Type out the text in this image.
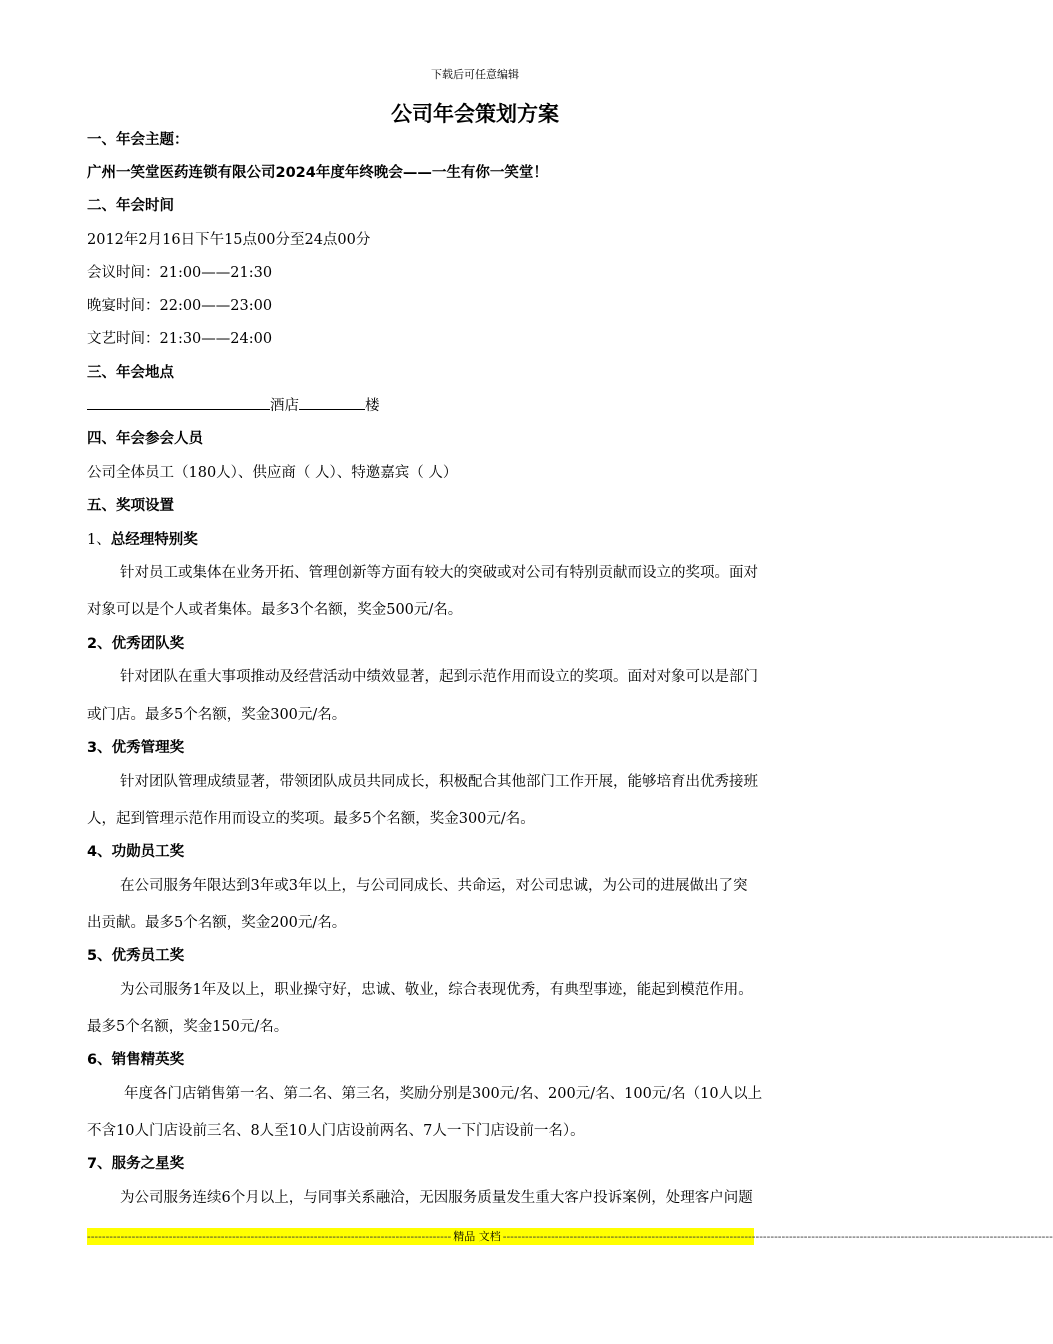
下载后可任意编辑
公司年会策划方案
一、年会主题：
广州一笑堂医药连锁有限公司2024年度年终晚会——一生有你一笑堂！
二、年会时间
2012年2月16日下午15点00分至24点00分
会议时间：21:00——21:30
晚宴时间：22:00——23:00
文艺时间：21:30——24:00
三、年会地点
酒店	楼
四、年会参会人员
公司全体员工（180人）、供应商（ 人）、特邀嘉宾（ 人）
五、奖项设置
1、总经理特别奖
针对员工或集体在业务开拓、管理创新等方面有较大的突破或对公司有特别贡献而设立的奖项。面对
对象可以是个人或者集体。最多3个名额，奖金500元/名。
2、优秀团队奖
针对团队在重大事项推动及经营活动中绩效显著，起到示范作用而设立的奖项。面对对象可以是部门
或门店。最多5个名额，奖金300元/名。
3、优秀管理奖
针对团队管理成绩显著，带领团队成员共同成长，积极配合其他部门工作开展，能够培育出优秀接班
人，起到管理示范作用而设立的奖项。最多5个名额，奖金300元/名。
4、功勋员工奖
在公司服务年限达到3年或3年以上，与公司同成长、共命运，对公司忠诚，为公司的进展做出了突
出贡献。最多5个名额，奖金200元/名。
5、优秀员工奖
为公司服务1年及以上，职业操守好，忠诚、敬业，综合表现优秀，有典型事迹，能起到模范作用。
最多5个名额，奖金150元/名。
6、销售精英奖
年度各门店销售第一名、第二名、第三名，奖励分别是300元/名、200元/名、100元/名（10人以上
不含10人门店设前三名、8人至10人门店设前两名、7人一下门店设前一名）。
7、服务之星奖
为公司服务连续6个月以上，与同事关系融洽，无因服务质量发生重大客户投诉案例，处理客户问题
-------------------------------------------------------------------------------------------------- 精品 文档 ----------------------------------------------------------------------------------------------------------------------------------------------------
